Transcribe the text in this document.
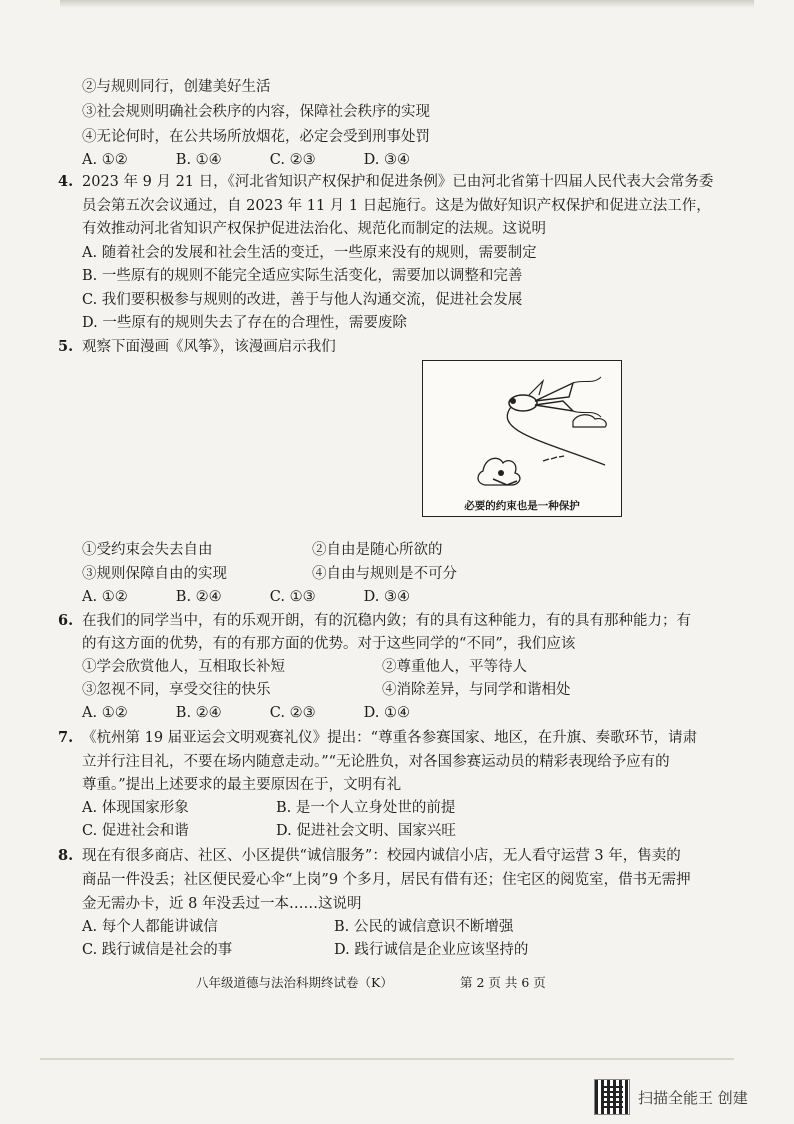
②与规则同行，创建美好生活
③社会规则明确社会秩序的内容，保障社会秩序的实现
④无论何时，在公共场所放烟花，必定会受到刑事处罚
A. ①②　　　 B. ①④　　　 C. ②③　　　 D. ③④
4. 2023 年 9 月 21 日，《河北省知识产权保护和促进条例》已由河北省第十四届人民代表大会常务委
员会第五次会议通过，自 2023 年 11 月 1 日起施行。这是为做好知识产权保护和促进立法工作，
有效推动河北省知识产权保护促进法治化、规范化而制定的法规。这说明
A. 随着社会的发展和社会生活的变迁，一些原来没有的规则，需要制定
B. 一些原有的规则不能完全适应实际生活变化，需要加以调整和完善
C. 我们要积极参与规则的改进，善于与他人沟通交流，促进社会发展
D. 一些原有的规则失去了存在的合理性，需要废除
5. 观察下面漫画《风筝》，该漫画启示我们
必要的约束也是一种保护
①受约束会失去自由	②自由是随心所欲的
③规则保障自由的实现	④自由与规则是不可分
A. ①②　　　 B. ②④　　　 C. ①③　　　 D. ③④
6. 在我们的同学当中，有的乐观开朗，有的沉稳内敛；有的具有这种能力，有的具有那种能力；有
的有这方面的优势，有的有那方面的优势。对于这些同学的“不同”，我们应该
①学会欣赏他人，互相取长补短	②尊重他人，平等待人
③忽视不同，享受交往的快乐	④消除差异，与同学和谐相处
A. ①②　　　 B. ②④　　　 C. ②③　　　 D. ①④
7. 《杭州第 19 届亚运会文明观赛礼仪》提出：“尊重各参赛国家、地区，在升旗、奏歌环节，请肃
立并行注目礼，不要在场内随意走动。”“无论胜负，对各国参赛运动员的精彩表现给予应有的
尊重。”提出上述要求的最主要原因在于，文明有礼
A. 体现国家形象	B. 是一个人立身处世的前提
C. 促进社会和谐	D. 促进社会文明、国家兴旺
8. 现在有很多商店、社区、小区提供“诚信服务”：校园内诚信小店，无人看守运营 3 年，售卖的
商品一件没丢；社区便民爱心伞“上岗”9 个多月，居民有借有还；住宅区的阅览室，借书无需押
金无需办卡，近 8 年没丢过一本……这说明
A. 每个人都能讲诚信	B. 公民的诚信意识不断增强
C. 践行诚信是社会的事	D. 践行诚信是企业应该坚持的
八年级道德与法治科期终试卷（K）	第 2 页 共 6 页
扫描全能王 创建
